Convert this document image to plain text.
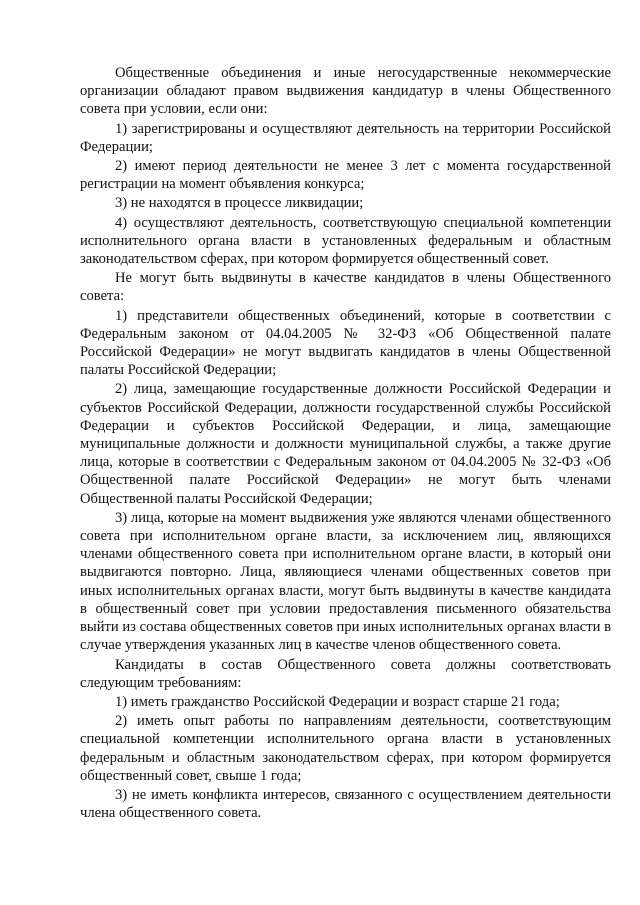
Общественные объединения и иные негосударственные некоммерческие организации обладают правом выдвижения кандидатур в члены Общественного совета при условии, если они:

1) зарегистрированы и осуществляют деятельность на территории Российской Федерации;

2) имеют период деятельности не менее 3 лет с момента государственной регистрации на момент объявления конкурса;

3) не находятся в процессе ликвидации;

4) осуществляют деятельность, соответствующую специальной компетенции исполнительного органа власти в установленных федеральным и областным законодательством сферах, при котором формируется общественный совет.

Не могут быть выдвинуты в качестве кандидатов в члены Общественного совета:

1) представители общественных объединений, которые в соответствии с Федеральным законом от 04.04.2005 № 32-ФЗ «Об Общественной палате Российской Федерации» не могут выдвигать кандидатов в члены Общественной палаты Российской Федерации;

2) лица, замещающие государственные должности Российской Федерации и субъектов Российской Федерации, должности государственной службы Российской Федерации и субъектов Российской Федерации, и лица, замещающие муниципальные должности и должности муниципальной службы, а также другие лица, которые в соответствии с Федеральным законом от 04.04.2005 № 32-ФЗ «Об Общественной палате Российской Федерации» не могут быть членами Общественной палаты Российской Федерации;

3) лица, которые на момент выдвижения уже являются членами общественного совета при исполнительном органе власти, за исключением лиц, являющихся членами общественного совета при исполнительном органе власти, в который они выдвигаются повторно. Лица, являющиеся членами общественных советов при иных исполнительных органах власти, могут быть выдвинуты в качестве кандидата в общественный совет при условии предоставления письменного обязательства выйти из состава общественных советов при иных исполнительных органах власти в случае утверждения указанных лиц в качестве членов общественного совета.

Кандидаты в состав Общественного совета должны соответствовать следующим требованиям:

1) иметь гражданство Российской Федерации и возраст старше 21 года;

2) иметь опыт работы по направлениям деятельности, соответствующим специальной компетенции исполнительного органа власти в установленных федеральным и областным законодательством сферах, при котором формируется общественный совет, свыше 1 года;

3) не иметь конфликта интересов, связанного с осуществлением деятельности члена общественного совета.
